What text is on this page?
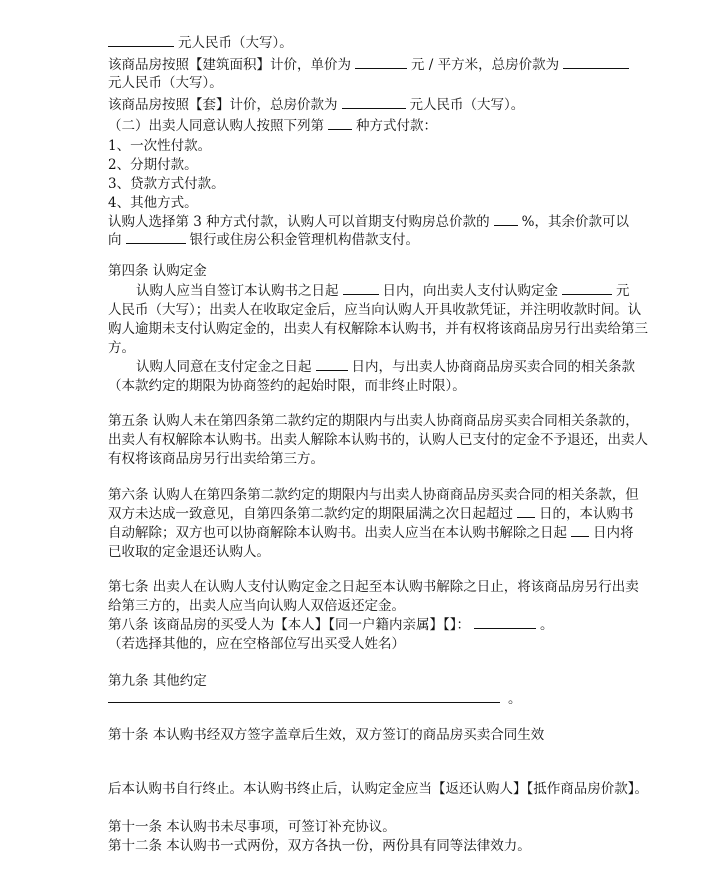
元人民币（大写）。
该商品房按照【建筑面积】计价，单价为	元 / 平方米，总房价款为
元人民币（大写）。
该商品房按照【套】计价，总房价款为	元人民币（大写）。
（二）出卖人同意认购人按照下列第 种方式付款：
1、一次性付款。
2、分期付款。
3、贷款方式付款。
4、其他方式。
认购人选择第 3 种方式付款，认购人可以首期支付购房总价款的 %，其余价款可以
向	银行或住房公积金管理机构借款支付。
第四条 认购定金
认购人应当自签订本认购书之日起	日内，向出卖人支付认购定金	元
人民币（大写）；出卖人在收取定金后，应当向认购人开具收款凭证，并注明收款时间。认
购人逾期未支付认购定金的，出卖人有权解除本认购书，并有权将该商品房另行出卖给第三
方。
认购人同意在支付定金之日起	日内，与出卖人协商商品房买卖合同的相关条款
（本款约定的期限为协商签约的起始时限，而非终止时限）。
第五条 认购人未在第四条第二款约定的期限内与出卖人协商商品房买卖合同相关条款的，
出卖人有权解除本认购书。出卖人解除本认购书的，认购人已支付的定金不予退还，出卖人
有权将该商品房另行出卖给第三方。
第六条 认购人在第四条第二款约定的期限内与出卖人协商商品房买卖合同的相关条款，但
双方未达成一致意见，自第四条第二款约定的期限届满之次日起超过 日的，本认购书
自动解除；双方也可以协商解除本认购书。出卖人应当在本认购书解除之日起 日内将
已收取的定金退还认购人。
第七条 出卖人在认购人支付认购定金之日起至本认购书解除之日止，将该商品房另行出卖
给第三方的，出卖人应当向认购人双倍返还定金。
第八条 该商品房的买受人为【本人】【同一户籍内亲属】【】：	。
（若选择其他的，应在空格部位写出买受人姓名）
第九条 其他约定
。
第十条 本认购书经双方签字盖章后生效，双方签订的商品房买卖合同生效
后本认购书自行终止。本认购书终止后，认购定金应当【返还认购人】【抵作商品房价款】。
第十一条 本认购书未尽事项，可签订补充协议。
第十二条 本认购书一式两份，双方各执一份，两份具有同等法律效力。
